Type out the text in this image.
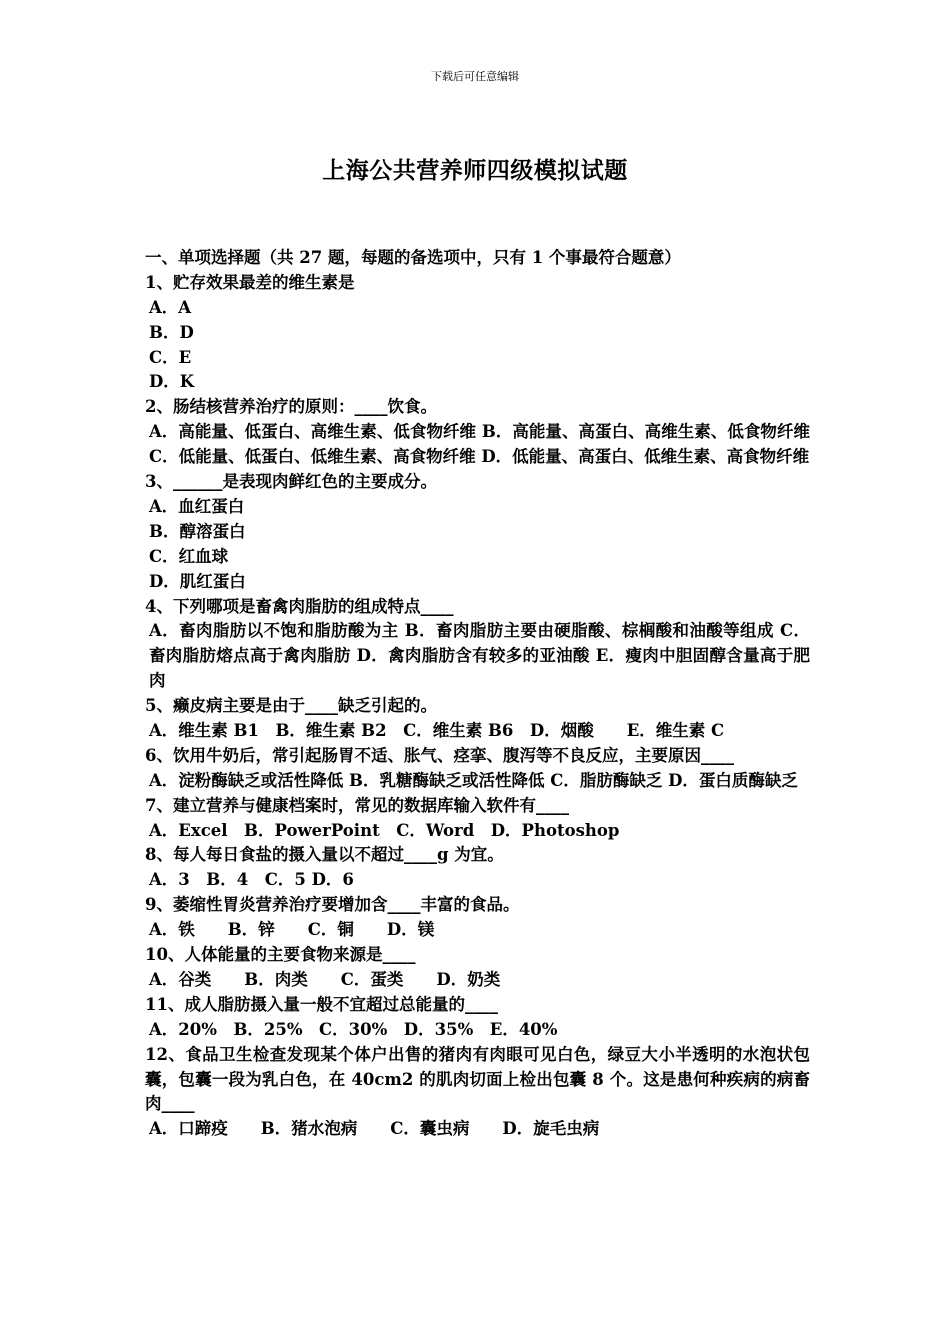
下载后可任意编辑
上海公共营养师四级模拟试题
一、单项选择题（共 27 题，每题的备选项中，只有 1 个事最符合题意）
1、贮存效果最差的维生素是
A．A
B．D
C．E
D．K
2、肠结核营养治疗的原则：____饮食。
A．高能量、低蛋白、高维生素、低食物纤维 B．高能量、高蛋白、高维生素、低食物纤维 C．低能量、低蛋白、低维生素、高食物纤维 D．低能量、高蛋白、低维生素、高食物纤维
3、______是表现肉鲜红色的主要成分。
A．血红蛋白
B．醇溶蛋白
C．红血球
D．肌红蛋白
4、下列哪项是畜禽肉脂肪的组成特点____
A．畜肉脂肪以不饱和脂肪酸为主 B．畜肉脂肪主要由硬脂酸、棕榈酸和油酸等组成 C．畜肉脂肪熔点高于禽肉脂肪 D．禽肉脂肪含有较多的亚油酸 E．瘦肉中胆固醇含量高于肥肉
5、癞皮病主要是由于____缺乏引起的。
A．维生素 B1　B．维生素 B2　C．维生素 B6　D．烟酸　　E．维生素 C
6、饮用牛奶后，常引起肠胃不适、胀气、痉挛、腹泻等不良反应，主要原因____
A．淀粉酶缺乏或活性降低 B．乳糖酶缺乏或活性降低 C．脂肪酶缺乏 D．蛋白质酶缺乏
7、建立营养与健康档案时，常见的数据库输入软件有____
A．Excel　B．PowerPoint　C．Word　D．Photoshop
8、每人每日食盐的摄入量以不超过____g 为宜。
A．3　B．4　C．5 D．6
9、萎缩性胃炎营养治疗要增加含____丰富的食品。
A．铁　　B．锌　　C．铜　　D．镁
10、人体能量的主要食物来源是____
A．谷类　　B．肉类　　C．蛋类　　D．奶类
11、成人脂肪摄入量一般不宜超过总能量的____
A．20%　B．25%　C．30%　D．35%　E．40%
12、食品卫生检查发现某个体户出售的猪肉有肉眼可见白色，绿豆大小半透明的水泡状包囊，包囊一段为乳白色，在 40cm2 的肌肉切面上检出包囊 8 个。这是患何种疾病的病畜肉____
A．口蹄疫　　B．猪水泡病　　C．囊虫病　　D．旋毛虫病
